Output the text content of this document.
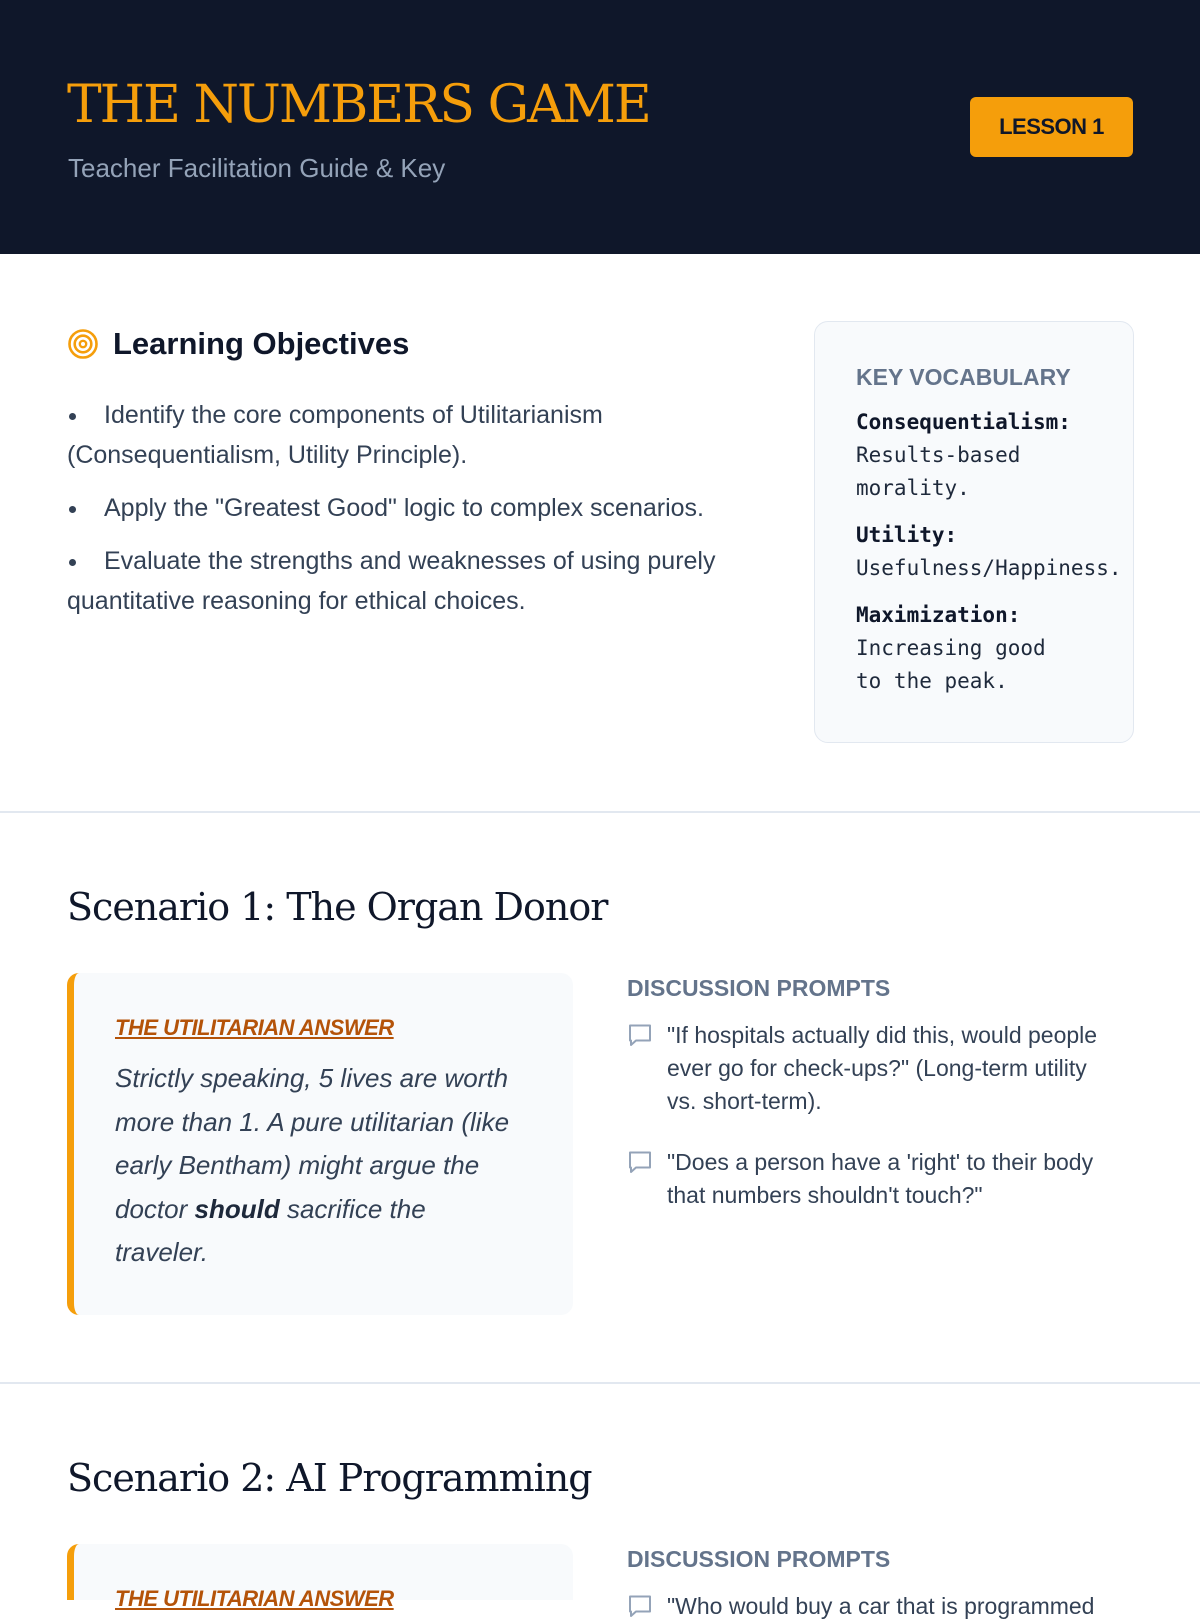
THE NUMBERS GAME
Teacher Facilitation Guide & Key
LESSON 1
Learning Objectives
Identify the core components of Utilitarianism (Consequentialism, Utility Principle).
Apply the "Greatest Good" logic to complex scenarios.
Evaluate the strengths and weaknesses of using purely quantitative reasoning for ethical choices.
KEY VOCABULARY
Consequentialism:
Results-based morality.
Utility:
Usefulness/Happiness.
Maximization:
Increasing good to the peak.
Scenario 1: The Organ Donor
THE UTILITARIAN ANSWER
Strictly speaking, 5 lives are worth more than 1. A pure utilitarian (like early Bentham) might argue the doctor should sacrifice the traveler.
DISCUSSION PROMPTS
"If hospitals actually did this, would people ever go for check-ups?" (Long-term utility vs. short-term).
"Does a person have a 'right' to their body that numbers shouldn't touch?"
Scenario 2: AI Programming
THE UTILITARIAN ANSWER
DISCUSSION PROMPTS
"Who would buy a car that is programmed
